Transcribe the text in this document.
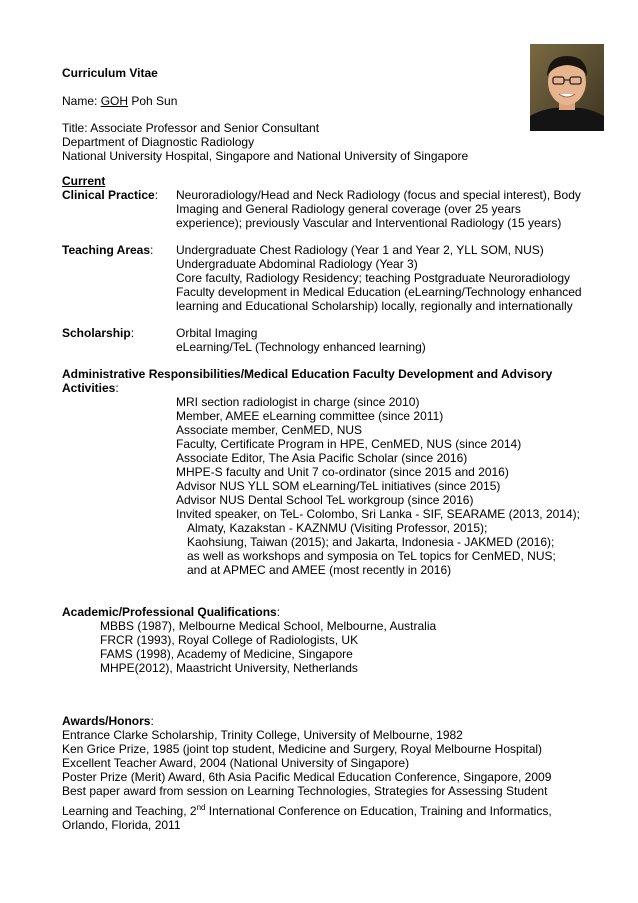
Curriculum Vitae
Name: GOH Poh Sun
Title: Associate Professor and Senior Consultant
Department of Diagnostic Radiology
National University Hospital, Singapore and National University of Singapore
Current
Clinical Practice: Neuroradiology/Head and Neck Radiology (focus and special interest), Body
Imaging and General Radiology general coverage (over 25 years
experience); previously Vascular and Interventional Radiology (15 years)
Teaching Areas: Undergraduate Chest Radiology (Year 1 and Year 2, YLL SOM, NUS)
Undergraduate Abdominal Radiology (Year 3)
Core faculty, Radiology Residency; teaching Postgraduate Neuroradiology
Faculty development in Medical Education (eLearning/Technology enhanced
learning and Educational Scholarship) locally, regionally and internationally
Scholarship:	Orbital Imaging
eLearning/TeL (Technology enhanced learning)
Administrative Responsibilities/Medical Education Faculty Development and Advisory
Activities:
MRI section radiologist in charge (since 2010)
Member, AMEE eLearning committee (since 2011)
Associate member, CenMED, NUS
Faculty, Certificate Program in HPE, CenMED, NUS (since 2014)
Associate Editor, The Asia Pacific Scholar (since 2016)
MHPE-S faculty and Unit 7 co-ordinator (since 2015 and 2016)
Advisor NUS YLL SOM eLearning/TeL initiatives (since 2015)
Advisor NUS Dental School TeL workgroup (since 2016)
Invited speaker, on TeL- Colombo, Sri Lanka - SIF, SEARAME (2013, 2014);
Almaty, Kazakstan - KAZNMU (Visiting Professor, 2015);
Kaohsiung, Taiwan (2015); and Jakarta, Indonesia - JAKMED (2016);
as well as workshops and symposia on TeL topics for CenMED, NUS;
and at APMEC and AMEE (most recently in 2016)
Academic/Professional Qualifications:
MBBS (1987), Melbourne Medical School, Melbourne, Australia
FRCR (1993), Royal College of Radiologists, UK
FAMS (1998), Academy of Medicine, Singapore
MHPE(2012), Maastricht University, Netherlands
Awards/Honors:
Entrance Clarke Scholarship, Trinity College, University of Melbourne, 1982
Ken Grice Prize, 1985 (joint top student, Medicine and Surgery, Royal Melbourne Hospital)
Excellent Teacher Award, 2004 (National University of Singapore)
Poster Prize (Merit) Award, 6th Asia Pacific Medical Education Conference, Singapore, 2009
Best paper award from session on Learning Technologies, Strategies for Assessing Student
Learning and Teaching, 2nd International Conference on Education, Training and Informatics,
Orlando, Florida, 2011
